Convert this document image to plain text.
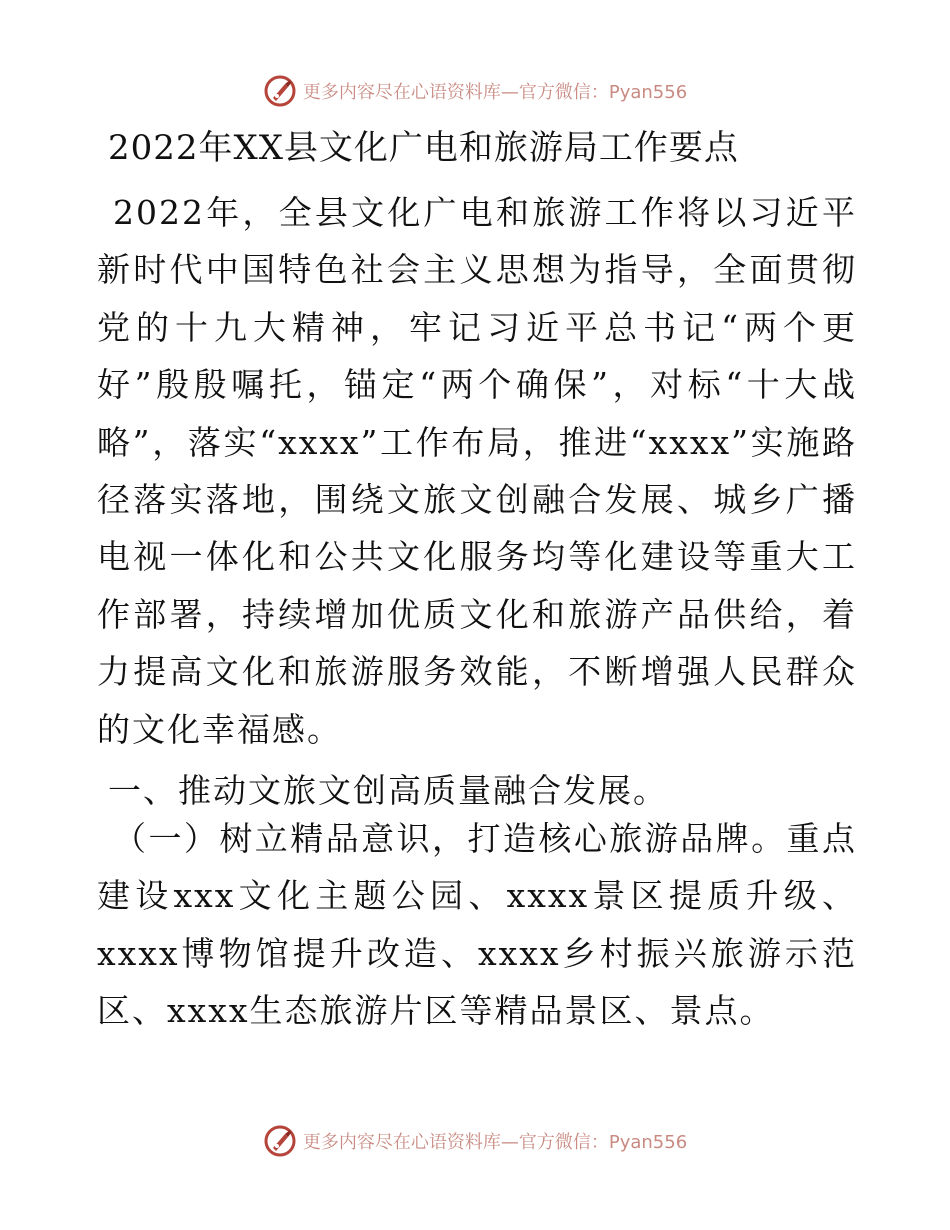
更多内容尽在心语资料库—官方微信：Pyan556
2022年XX县文化广电和旅游局工作要点
2022年，全县文化广电和旅游工作将以习近平新时代中国特色社会主义思想为指导，全面贯彻党的十九大精神，牢记习近平总书记“两个更好”殷殷嘱托，锚定“两个确保”，对标“十大战略”，落实“xxxx”工作布局，推进“xxxx”实施路径落实落地，围绕文旅文创融合发展、城乡广播电视一体化和公共文化服务均等化建设等重大工作部署，持续增加优质文化和旅游产品供给，着力提高文化和旅游服务效能，不断增强人民群众的文化幸福感。
一、推动文旅文创高质量融合发展。
（一）树立精品意识，打造核心旅游品牌。重点建设xxx文化主题公园、xxxx景区提质升级、xxxx博物馆提升改造、xxxx乡村振兴旅游示范区、xxxx生态旅游片区等精品景区、景点。
更多内容尽在心语资料库—官方微信：Pyan556
